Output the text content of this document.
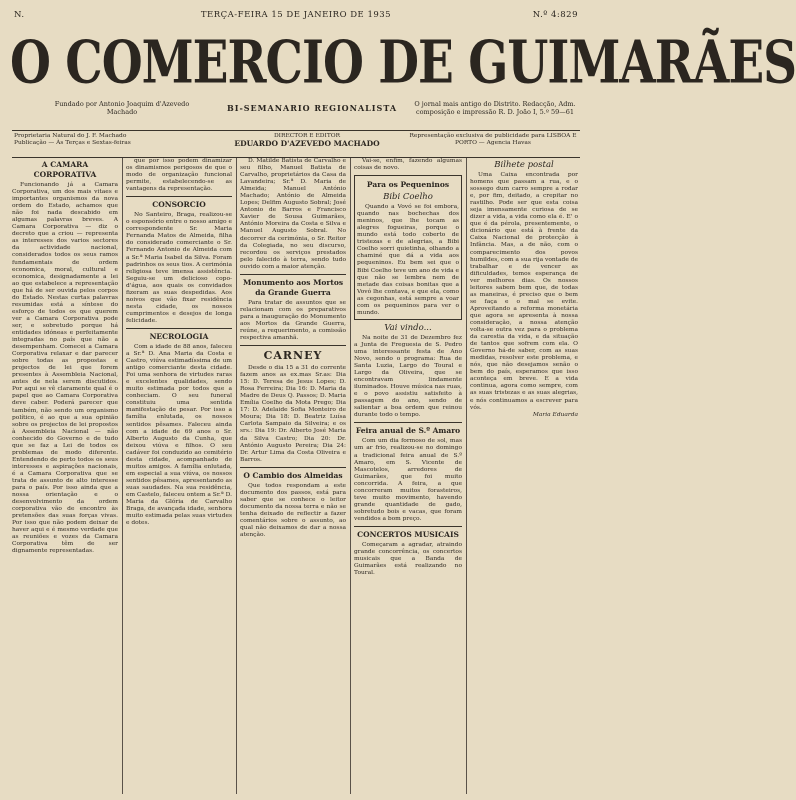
N.	TERÇA-FEIRA 15 DE JANEIRO DE 1935	N.º 4:829
O COMERCIO DE GUIMARÃES
Fundado por Antonio Joaquim d'Azevedo Machado	BI-SEMANARIO REGIONALISTA	O jornal mais antigo do Distrito. Redacção, Adm. composição e impressão R. D. João I, 5.º 59—61
Proprietaria Natural do J. F. Machado
Publicação — Às Terças e Sextas-feiras
DIRECTOR E EDITOR
EDUARDO D'AZEVEDO MACHADO
Representação exclusiva de publicidade para LISBOA E PORTO — Agencia Havas
A CAMARA CORPORATIVA

Funcionando já a Camara Corporativa, um dos mais vitaes e importantes organismos da nova ordem do Estado, achamos que não foi nada descabido em algumas palavras breves. A Camara Corporativa — diz o decreto que a criou — representa as interesses dos varios sectores da actividade nacional, considerados todos os seus ramos fundamentais de ordem economica, moral, cultural e economica, designadamente a lei ao que estabelece a representação que há de ser ouvida pelos corpos do Estado. Nestas curtas palavras resumidas está a síntese do esforço de todos os que querem ver a Camara Corporativa pode ser, e sobretudo porque há entidades idóneas e perfeitamente integradas no país que não a desempenham. Comecei a Camara Corporativa relaxar e dar parecer sobre todas as propostas e projectos de lei que forem presentes à Assembleia Nacional, antes de nela serem discutidos. Por aqui se vê claramente qual é o papel que ao Camara Corporativa deve caber. Poderá parecer que também, não sendo um organismo político, é ao que a sua opinião sobre os projectos de lei propostos à Assembleia Nacional — não conhecido do Governo e de tudo que se faz a Lei de todos os problemas de modo diferente. Entendendo de perto todos os seus interesses e aspirações nacionais, é a Camara Corporativa que se trata de assunto de alto interesse para o país. Por isso ainda que a nossa orientação e o desenvolvimento da ordem corporativa vão de encontro às pretensões das suas forças vivas. Por isso que não podem deixar de haver aqui e é mesmo verdade que as reuniões e vozes da Camara Corporativa têm de ser dignamente representadas.

que por isso podem dinamizar os dinamismos perigosos de que o modo de organização funcional permite, estabelecendo-se as vantagens da representação.

CONSORCIO

No Santeiro, Braga, realizou-se o esponsório entre o nosso amigo e correspondente Sr. Maria Fernanda Matos de Almeida, filha do considerado comerciante o Sr. Fernando Antonio de Almeida com a Sr.ª Maria Isabel da Silva. Foram padrinhos os seus tios. A cerimónia religiosa teve imensa assistência. Seguiu-se um delicioso copo-d'água, aos quais os convidados fizeram as suas despedidas. Aos noivos que vão fixar residência nesta cidade, os nossos cumprimentos e desejos de longa felicidade.

NECROLOGIA

Com a idade de 88 anos, faleceu a Sr.ª D. Ana Maria da Costa e Castro, viúva estimadíssima de um antigo comerciante desta cidade. Foi uma senhora de virtudes raras e excelentes qualidades, sendo muito estimada por todos que a conheciam. O seu funeral constituiu uma sentida manifestação de pesar. Por isso a família enlutada, os nossos sentidos pêsames. Faleceu ainda com a idade de 69 anos o Sr. Alberto Augusto da Cunha, que deixou viúva e filhos. O seu cadáver foi conduzido ao cemitério desta cidade, acompanhado de muitos amigos. A família enlutada, em especial a sua viúva, os nossos sentidos pêsames, apresentando as suas saudades. Na sua residência, em Castelo, faleceu ontem a Sr.ª D. Maria da Glória de Carvalho Braga, de avançada idade, senhora muito estimada pelas suas virtudes e dotes.

D. Matilde Batista de Carvalho e seu filho, Manuel Batista de Carvalho, proprietários da Casa da Lavandeira; Sr.ª D. Maria de Almeida; Manuel António Machado; António de Almeida Lopes; Delfim Augusto Sobral; José Antonio de Barros e Francisco Xavier de Sousa Guimarães, António Moreira da Costa e Silva e Manuel Augusto Sobral. No decorrer da cerimónia, o Sr. Reitor da Colegiada, no seu discurso, recordou os serviços prestados pelo falecido à terra, sendo tudo ouvido com a maior atenção.

Monumento aos Mortos da Grande Guerra

Para tratar de assuntos que se relacionam com os preparativos para a inauguração do Monumento aos Mortos da Grande Guerra, reúne, a requerimento, a comissão respectiva amanhã.

CARNEY

Desde o dia 15 a 31 do corrente fazem anos as ex.mas Sr.as: Dia 15: D. Teresa de Jesus Lopes; D. Rosa Ferreira; Dia 16: D. Maria da Madre de Deus Q. Passos; D. Maria Emília Coelho da Mota Prego; Dia 17: D. Adelaide Sofia Monteiro de Moura; Dia 18: D. Beatriz Luísa Carlota Sampaio da Silveira; e os srs.: Dia 19: Dr. Alberto José Maria da Silva Castro; Dia 20: Dr. António Augusto Pereira; Dia 24: Dr. Artur Lima da Costa Oliveira e Barros.

O Cambio dos Almeidas

Que todos respondam a este documento dos passos, está para saber que se conhece o leitor documento da nossa terra e não se tenha deixado de reflectir a fazer comentários sobre o assunto, ao qual não deixamos de dar a nossa atenção.

Vai-se, enfim, fazendo algumas coisas de novo.

Para os Pequeninos
Bibi Coelho

Quando a Vovó se foi embora, quando nas bochechas dos meninos, que lhe tocam as alegres fogueiras, porque o mundo está todo coberto de tristezas e de alegrias, a Bibi Coelho sorri quietinha, olhando a chaminé que dá a vida aos pequeninos. Eu bem sei que o Bibi Coelho teve um ano de vida e que não se lembra nem de metade das coisas bonitas que a Vovó lhe contava, e que ela, como as cegonhas, está sempre a voar com os pequeninos para ver o mundo.

Vai vindo...

Na noite de 31 de Dezembro fez a Junta de Freguesia de S. Pedro uma interessante festa de Ano Novo, sendo o programa: Rua de Santa Luzia, Largo do Toural e Largo da Oliveira, que se encontravam lindamente iluminados. Houve música nas ruas, e o povo assistiu satisfeito à passagem do ano, sendo de salientar a boa ordem que reinou durante todo o tempo.

Feira anual de S.º Amaro

Com um dia formoso de sol, mas um ar frio, realizou-se no domingo a tradicional feira anual de S.º Amaro, em S. Vicente de Mascotelos, arredores de Guimarães, que foi muito concorrida. A feira, a que concorreram muitos forasteiros, teve muito movimento, havendo grande quantidade de gado, sobretudo bois e vacas, que foram vendidos a bom preço.

CONCERTOS MUSICAIS

Começaram a agradar, atraindo grande concorrência, os concertos musicais que a Banda de Guimarães está realizando no Toural.

Bilhete postal

Uma Caixa encontrada por homens que passam a rua, e o sossego dum carro sempre a rodar e, por fim, deitado, a crepitar no rastilho. Pode ser que esta coisa seja imensamente curiosa de se dizer a vida, a vida como ela é. E' o que é da pérola, presentemente, o dicionário que está à frente da Caixa Nacional de protecção à Infância. Mas, a de não, com o comparecimento dos povos humildes, com a sua rija vontade de trabalhar e de vencer as dificuldades, temos esperança de ver melhores dias. Os nossos leitores sabem bem que, de todas as maneiras, é preciso que o bem se faça e o mal se evite. Aproveitando a reforma monetária que agora se apresenta à nossa consideração, a nossa atenção volta-se outra vez para o problema da carestia da vida, e da situação de tantos que sofrem com ela. O Governo há-de saber, com as suas medidas, resolver este problema, e nós, que não desejamos senão o bem do país, esperamos que isso aconteça em breve. E a vida continua, agora como sempre, com as suas tristezas e as suas alegrias, e nós continuamos a escrever para vós.

Maria Eduarda
